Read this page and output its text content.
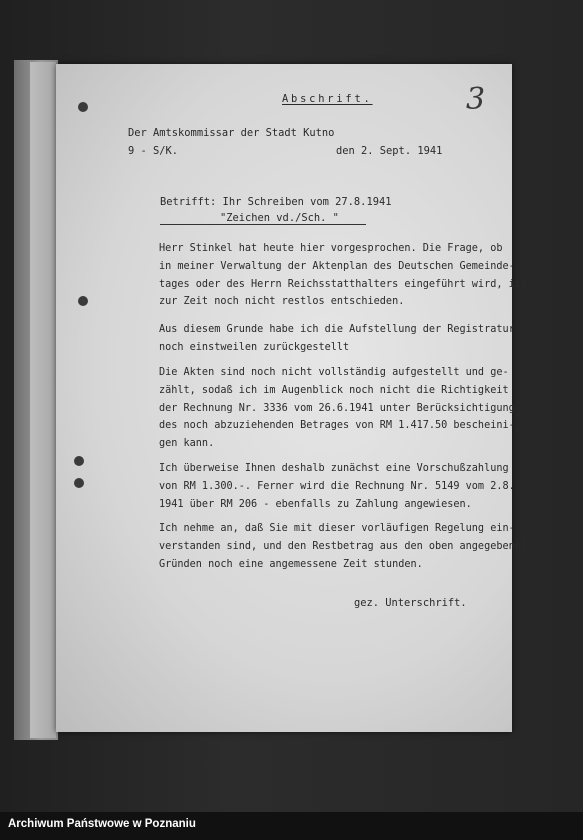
Abschrift.	3
Der Amtskommissar der Stadt Kutno
9 - S/K.	den 2. Sept. 1941
Betrifft: Ihr Schreiben vom 27.8.1941
"Zeichen vd./Sch. "
Herr Stinkel hat heute hier vorgesprochen. Die Frage, ob
in meiner Verwaltung der Aktenplan des Deutschen Gemeinde-
tages oder des Herrn Reichsstatthalters eingeführt wird, ist
zur Zeit noch nicht restlos entschieden.
Aus diesem Grunde habe ich die Aufstellung der Registratur
noch einstweilen zurückgestellt
Die Akten sind noch nicht vollständig aufgestellt und ge-
zählt, sodaß ich im Augenblick noch nicht die Richtigkeit
der Rechnung Nr. 3336 vom 26.6.1941 unter Berücksichtigung
des noch abzuziehenden Betrages von RM 1.417.50 bescheini-
gen kann.
Ich überweise Ihnen deshalb zunächst eine Vorschußzahlung
von RM 1.300.-. Ferner wird die Rechnung Nr. 5149 vom 2.8.
1941 über RM 206 - ebenfalls zu Zahlung angewiesen.
Ich nehme an, daß Sie mit dieser vorläufigen Regelung ein-
verstanden sind, und den Restbetrag aus den oben angegebenen
Gründen noch eine angemessene Zeit stunden.
gez. Unterschrift.
Archiwum Państwowe w Poznaniu
